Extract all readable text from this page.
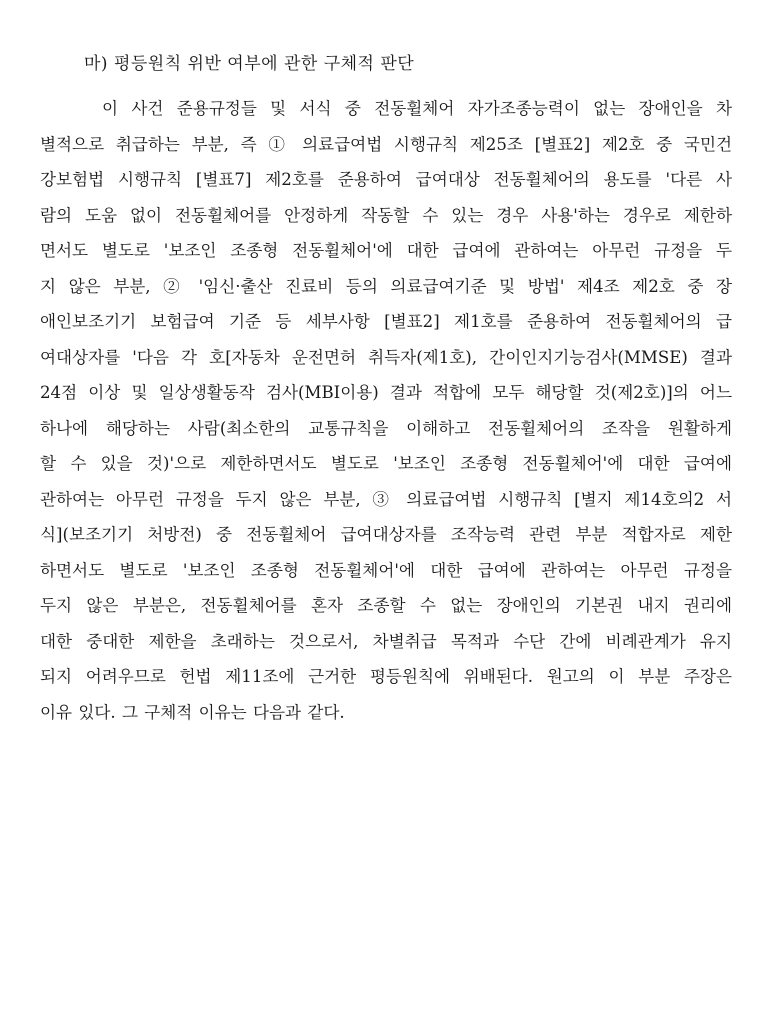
마) 평등원칙 위반 여부에 관한 구체적 판단
이 사건 준용규정들 및 서식 중 전동휠체어 자가조종능력이 없는 장애인을 차
별적으로 취급하는 부분, 즉 ① 의료급여법 시행규칙 제25조 [별표2] 제2호 중 국민건
강보험법 시행규칙 [별표7] 제2호를 준용하여 급여대상 전동휠체어의 용도를 '다른 사
람의 도움 없이 전동휠체어를 안정하게 작동할 수 있는 경우 사용'하는 경우로 제한하
면서도 별도로 '보조인 조종형 전동휠체어'에 대한 급여에 관하여는 아무런 규정을 두
지 않은 부분, ② '임신·출산 진료비 등의 의료급여기준 및 방법' 제4조 제2호 중 장
애인보조기기 보험급여 기준 등 세부사항 [별표2] 제1호를 준용하여 전동휠체어의 급
여대상자를 '다음 각 호[자동차 운전면허 취득자(제1호), 간이인지기능검사(MMSE) 결과
24점 이상 및 일상생활동작 검사(MBI이용) 결과 적합에 모두 해당할 것(제2호)]의 어느
하나에 해당하는 사람(최소한의 교통규칙을 이해하고 전동휠체어의 조작을 원활하게
할 수 있을 것)'으로 제한하면서도 별도로 '보조인 조종형 전동휠체어'에 대한 급여에
관하여는 아무런 규정을 두지 않은 부분, ③ 의료급여법 시행규칙 [별지 제14호의2 서
식](보조기기 처방전) 중 전동휠체어 급여대상자를 조작능력 관련 부분 적합자로 제한
하면서도 별도로 '보조인 조종형 전동휠체어'에 대한 급여에 관하여는 아무런 규정을
두지 않은 부분은, 전동휠체어를 혼자 조종할 수 없는 장애인의 기본권 내지 권리에
대한 중대한 제한을 초래하는 것으로서, 차별취급 목적과 수단 간에 비례관계가 유지
되지 어려우므로 헌법 제11조에 근거한 평등원칙에 위배된다. 원고의 이 부분 주장은
이유 있다. 그 구체적 이유는 다음과 같다.
